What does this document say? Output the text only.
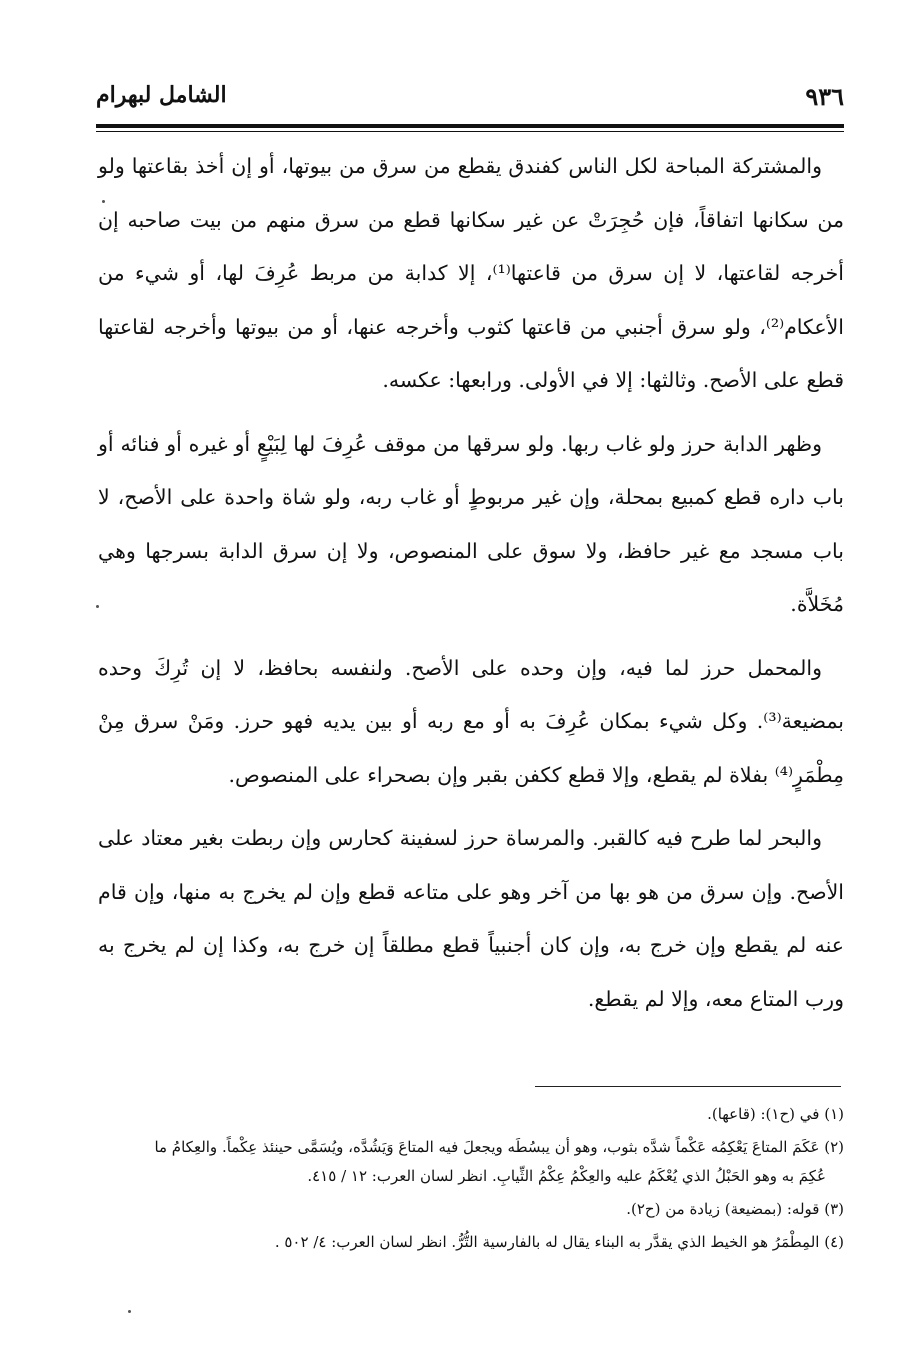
٩٣٦
الشامل لبهرام

والمشتركة المباحة لكل الناس كفندق يقطع من سرق من بيوتها، أو إن أخذ بقاعتها ولو من سكانها اتفاقاً، فإن حُجِرَتْ عن غير سكانها قطع من سرق منهم من بيت صاحبه إن أخرجه لقاعتها، لا إن سرق من قاعتها⁽¹⁾، إلا كدابة من مربط عُرِفَ لها، أو شيء من الأعكام⁽²⁾، ولو سرق أجنبي من قاعتها كثوب وأخرجه عنها، أو من بيوتها وأخرجه لقاعتها قطع على الأصح. وثالثها: إلا في الأولى. ورابعها: عكسه.

وظهر الدابة حرز ولو غاب ربها. ولو سرقها من موقف عُرِفَ لها لِبَيْعٍ أو غيره أو فنائه أو باب داره قطع كمبيع بمحلة، وإن غير مربوطٍ أو غاب ربه، ولو شاة واحدة على الأصح، لا باب مسجد مع غير حافظ، ولا سوق على المنصوص، ولا إن سرق الدابة بسرجها وهي مُخَلاَّة.

والمحمل حرز لما فيه، وإن وحده على الأصح. ولنفسه بحافظ، لا إن تُرِكَ وحده بمضيعة⁽³⁾. وكل شيء بمكان عُرِفَ به أو مع ربه أو بين يديه فهو حرز. ومَنْ سرق مِنْ مِطْمَرٍ⁽⁴⁾ بفلاة لم يقطع، وإلا قطع ككفن بقبر وإن بصحراء على المنصوص.

والبحر لما طرح فيه كالقبر. والمرساة حرز لسفينة كحارس وإن ربطت بغير معتاد على الأصح. وإن سرق من هو بها من آخر وهو على متاعه قطع وإن لم يخرج به منها، وإن قام عنه لم يقطع وإن خرج به، وإن كان أجنبياً قطع مطلقاً إن خرج به، وكذا إن لم يخرج به ورب المتاع معه، وإلا لم يقطع.

(١) في (ح١): (قاعها).

(٢) عَكَمَ المتاعَ يَعْكِمُه عَكْماً شدَّه بثوب، وهو أن يبسُطَه ويجعلَ فيه المتاعَ وَيَشُدَّه، ويُسَمَّى حينئذ عِكْماً. والعِكامُ ما
عُكِمَ به وهو الحَبْلُ الذي يُعْكَمُ عليه والعِكْمُ عِكْمُ الثِّيابِ. انظر لسان العرب: ١٢ / ٤١٥.

(٣) قوله: (بمضيعة) زيادة من (ح٢).

(٤) المِطْمَرُ هو الخيط الذي يقدَّر به البناء يقال له بالفارسية التُّرُّ. انظر لسان العرب: ٤/ ٥٠٢ .
